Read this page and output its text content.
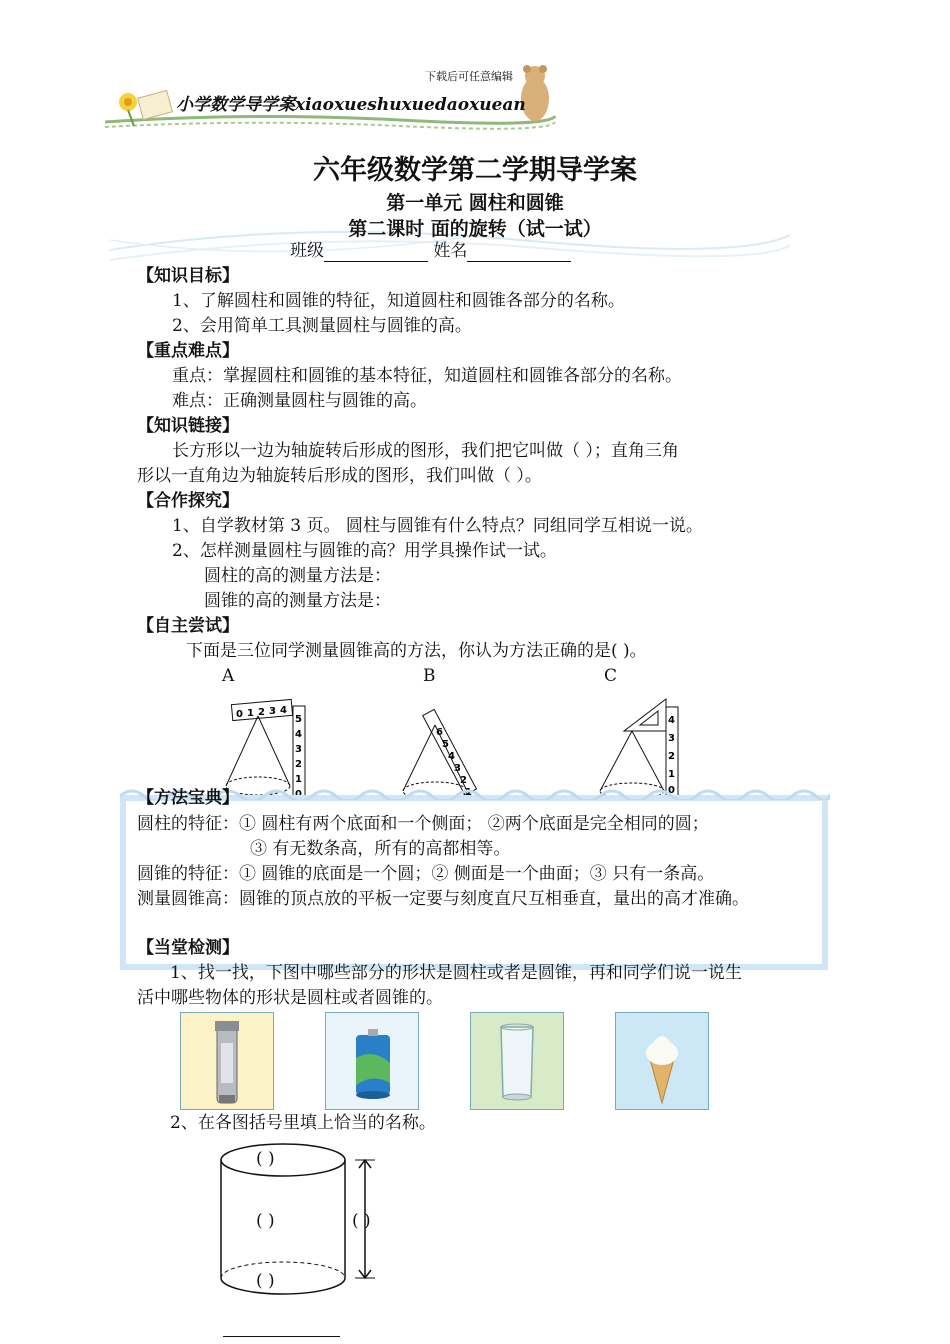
下载后可任意编辑
小学数学导学案xiaoxueshuxuedaoxuean
六年级数学第二学期导学案
第一单元 圆柱和圆锥
第二课时 面的旋转（试一试）
班级	姓名
【知识目标】
1、了解圆柱和圆锥的特征，知道圆柱和圆锥各部分的名称。
2、会用简单工具测量圆柱与圆锥的高。
【重点难点】
重点：掌握圆柱和圆锥的基本特征，知道圆柱和圆锥各部分的名称。
难点：正确测量圆柱与圆锥的高。
【知识链接】
长方形以一边为轴旋转后形成的图形，我们把它叫做（ ）；直角三角
形以一直角边为轴旋转后形成的图形，我们叫做（ ）。
【合作探究】
1、自学教材第 3 页。 圆柱与圆锥有什么特点？同组同学互相说一说。
2、怎样测量圆柱与圆锥的高？用学具操作试一试。
圆柱的高的测量方法是：
圆锥的高的测量方法是：
【自主尝试】
下面是三位同学测量圆锥高的方法，你认为方法正确的是( )。
A	B	C
0 1 2 3 4
5
4
3
2
1
0
6
5
4
3
2
1
4
3
2
1
0
【方法宝典】
圆柱的特征：① 圆柱有两个底面和一个侧面； ②两个底面是完全相同的圆；
③ 有无数条高，所有的高都相等。
圆锥的特征：① 圆锥的底面是一个圆；② 侧面是一个曲面；③ 只有一条高。
测量圆锥高：圆锥的顶点放的平板一定要与刻度直尺互相垂直，量出的高才准确。
【当堂检测】
1、找一找，下图中哪些部分的形状是圆柱或者是圆锥，再和同学们说一说生
活中哪些物体的形状是圆柱或者圆锥的。
2、在各图括号里填上恰当的名称。
( )
( )	( )
( )
